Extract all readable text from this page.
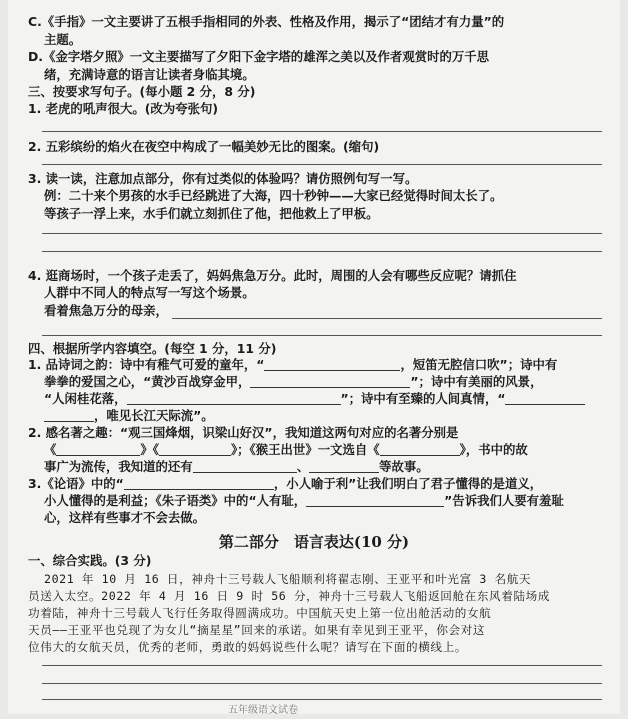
C.《手指》一文主要讲了五根手指相同的外表、性格及作用，揭示了“团结才有力量”的
主题。
D.《金字塔夕照》一文主要描写了夕阳下金字塔的雄浑之美以及作者观赏时的万千思
绪，充满诗意的语言让读者身临其境。
三、按要求写句子。(每小题 2 分，8 分)
1. 老虎的吼声很大。(改为夸张句)
2. 五彩缤纷的焰火在夜空中构成了一幅美妙无比的图案。(缩句)
3. 读一读，注意加点部分，你有过类似的体验吗？请仿照例句写一写。
例：二十来个男孩的水手已经跳进了大海，四十秒钟——大家已经觉得时间太长了。
等孩子一浮上来，水手们就立刻抓住了他，把他救上了甲板。
4. 逛商场时，一个孩子走丢了，妈妈焦急万分。此时，周围的人会有哪些反应呢？请抓住
人群中不同人的特点写一写这个场景。
看着焦急万分的母亲，
四、根据所学内容填空。(每空 1 分，11 分)
1. 品诗词之韵：诗中有稚气可爱的童年，“	，短笛无腔信口吹”；诗中有
拳拳的爱国之心，“黄沙百战穿金甲，	”；诗中有美丽的风景，
“人闲桂花落，	”；诗中有至臻的人间真情，“
，唯见长江天际流”。
2. 感名著之趣：“观三国烽烟，识梁山好汉”，我知道这两句对应的名著分别是
《	》《	》；《猴王出世》一文选自《	》，书中的故
事广为流传，我知道的还有	、	等故事。
3.《论语》中的“	，小人喻于利”让我们明白了君子懂得的是道义，
小人懂得的是利益；《朱子语类》中的“人有耻，	”告诉我们人要有羞耻
心，这样有些事才不会去做。
第二部分　语言表达(10 分)
一、综合实践。(3 分)
2021 年 10 月 16 日，神舟十三号载人飞船顺利将翟志刚、王亚平和叶光富 3 名航天
员送入太空。2022 年 4 月 16 日 9 时 56 分，神舟十三号载人飞船返回舱在东风着陆场成
功着陆，神舟十三号载人飞行任务取得圆满成功。中国航天史上第一位出舱活动的女航
天员——王亚平也兑现了为女儿“摘星星”回来的承诺。如果有幸见到王亚平，你会对这
位伟大的女航天员，优秀的老师，勇敢的妈妈说些什么呢？请写在下面的横线上。
五年级语文试卷
